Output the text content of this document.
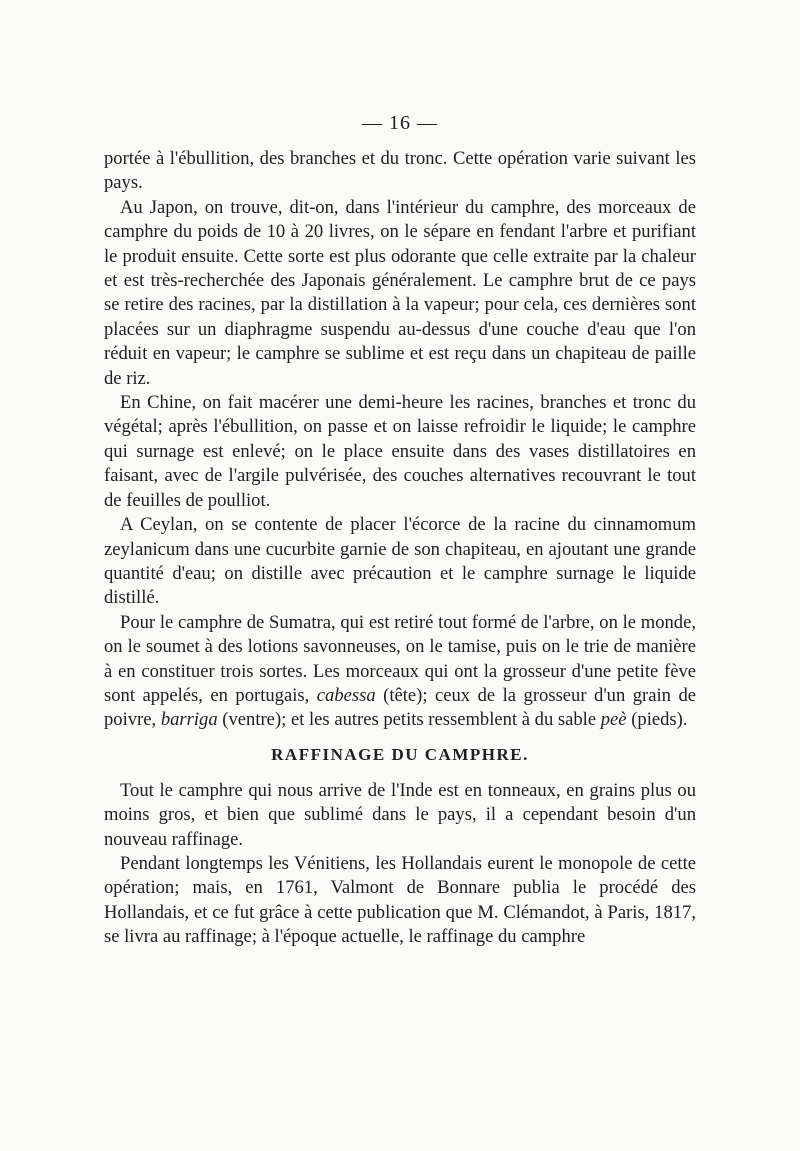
— 16 —

portée à l'ébullition, des branches et du tronc. Cette opération varie suivant les pays.

Au Japon, on trouve, dit-on, dans l'intérieur du camphre, des morceaux de camphre du poids de 10 à 20 livres, on le sépare en fendant l'arbre et purifiant le produit ensuite. Cette sorte est plus odorante que celle extraite par la chaleur et est très-recherchée des Japonais généralement. Le camphre brut de ce pays se retire des racines, par la distillation à la vapeur; pour cela, ces dernières sont placées sur un diaphragme suspendu au-dessus d'une couche d'eau que l'on réduit en vapeur; le camphre se sublime et est reçu dans un chapiteau de paille de riz.

En Chine, on fait macérer une demi-heure les racines, branches et tronc du végétal; après l'ébullition, on passe et on laisse refroidir le liquide; le camphre qui surnage est enlevé; on le place ensuite dans des vases distillatoires en faisant, avec de l'argile pulvérisée, des couches alternatives recouvrant le tout de feuilles de poulliot.

A Ceylan, on se contente de placer l'écorce de la racine du cinnamomum zeylanicum dans une cucurbite garnie de son chapiteau, en ajoutant une grande quantité d'eau; on distille avec précaution et le camphre surnage le liquide distillé.

Pour le camphre de Sumatra, qui est retiré tout formé de l'arbre, on le monde, on le soumet à des lotions savonneuses, on le tamise, puis on le trie de manière à en constituer trois sortes. Les morceaux qui ont la grosseur d'une petite fève sont appelés, en portugais, cabessa (tête); ceux de la grosseur d'un grain de poivre, barriga (ventre); et les autres petits ressemblent à du sable peè (pieds).

RAFFINAGE DU CAMPHRE.

Tout le camphre qui nous arrive de l'Inde est en tonneaux, en grains plus ou moins gros, et bien que sublimé dans le pays, il a cependant besoin d'un nouveau raffinage.

Pendant longtemps les Vénitiens, les Hollandais eurent le monopole de cette opération; mais, en 1761, Valmont de Bonnare publia le procédé des Hollandais, et ce fut grâce à cette publication que M. Clémandot, à Paris, 1817, se livra au raffinage; à l'époque actuelle, le raffinage du camphre
